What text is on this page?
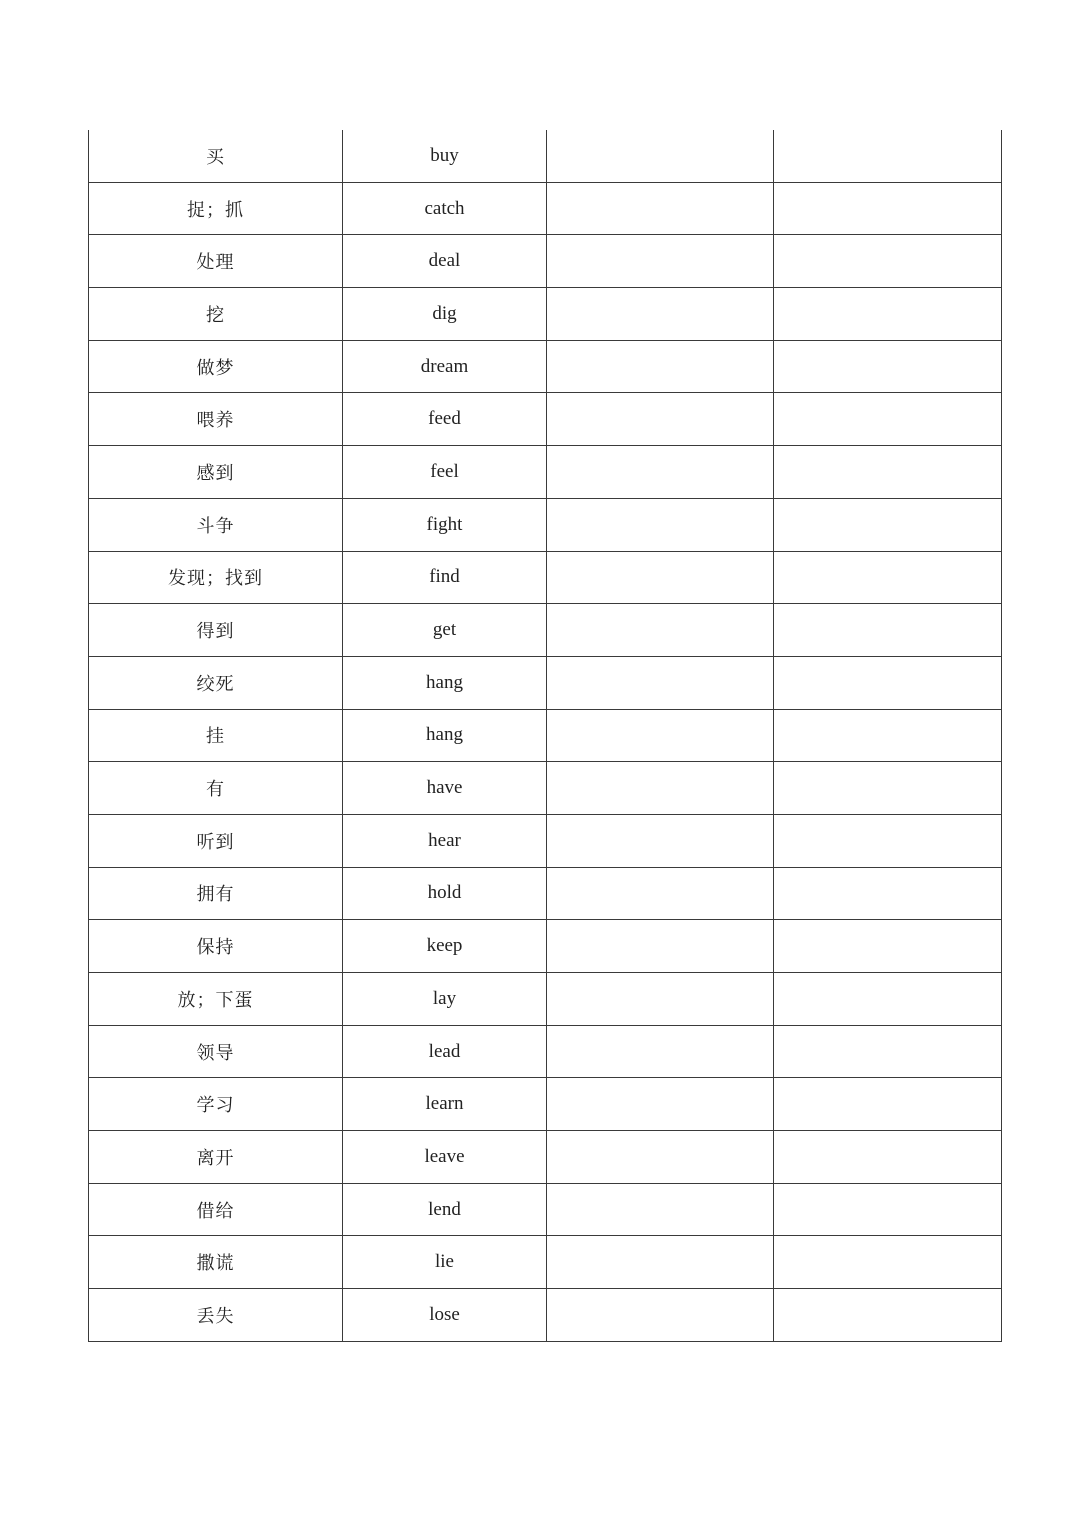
买	buy		
捉；抓	catch		
处理	deal		
挖	dig		
做梦	dream		
喂养	feed		
感到	feel		
斗争	fight		
发现；找到	find		
得到	get		
绞死	hang		
挂	hang		
有	have		
听到	hear		
拥有	hold		
保持	keep		
放；下蛋	lay		
领导	lead		
学习	learn		
离开	leave		
借给	lend		
撒谎	lie		
丢失	lose		
